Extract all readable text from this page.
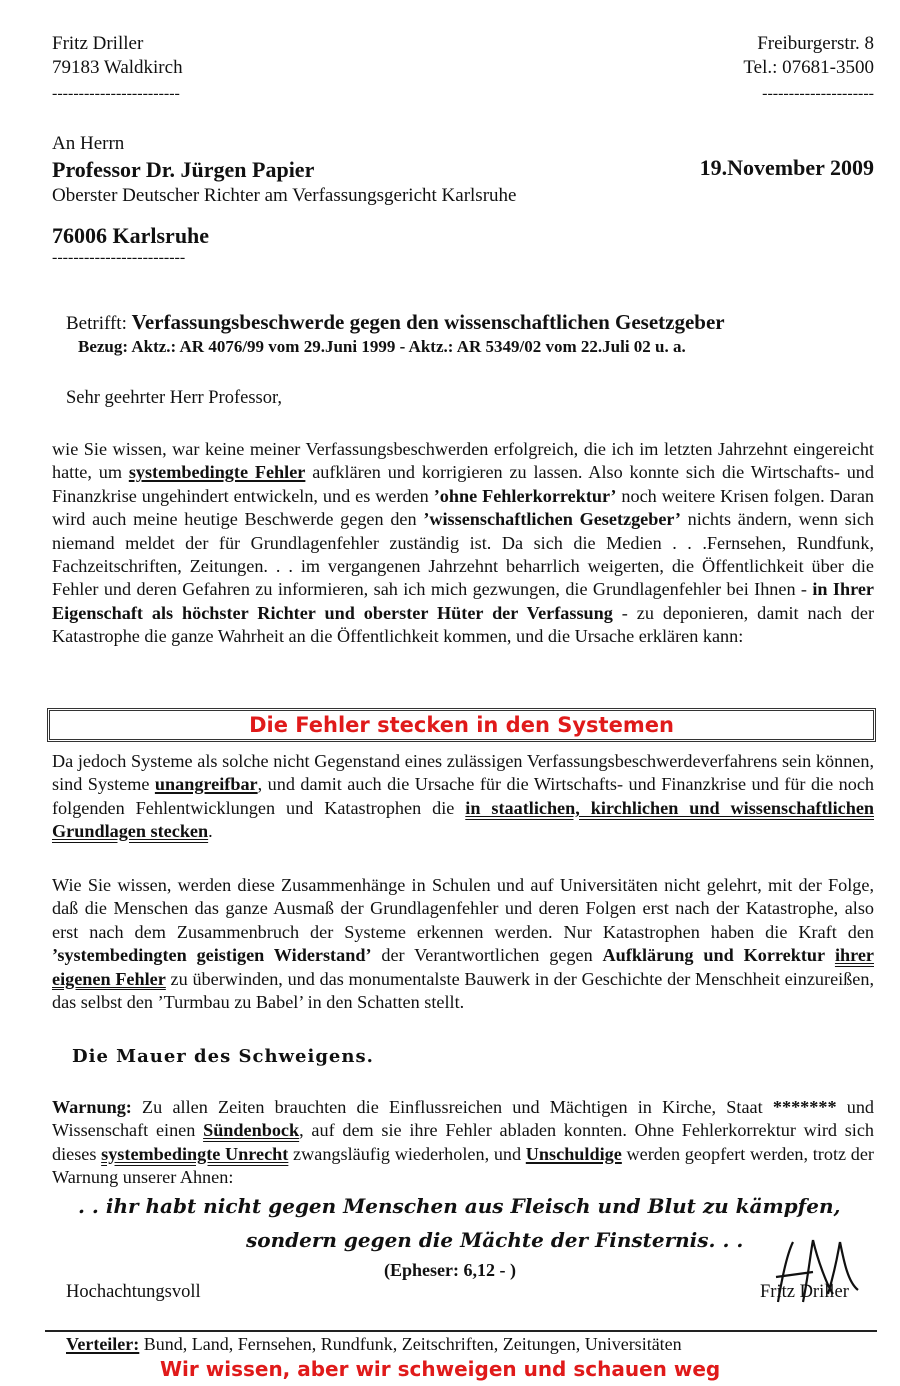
Fritz Driller
79183 Waldkirch
------------------------
Freiburgerstr. 8
Tel.: 07681-3500
---------------------
An Herrn
Professor Dr. Jürgen Papier
Oberster Deutscher Richter am Verfassungsgericht Karlsruhe
76006 Karlsruhe
-------------------------
19.November 2009
Betrifft: Verfassungsbeschwerde gegen den wissenschaftlichen Gesetzgeber
Bezug: Aktz.: AR 4076/99 vom 29.Juni 1999 - Aktz.: AR 5349/02 vom 22.Juli 02 u. a.
Sehr geehrter Herr Professor,

wie Sie wissen, war keine meiner Verfassungsbeschwerden erfolgreich, die ich im letzten Jahrzehnt eingereicht hatte, um systembedingte Fehler aufklären und korrigieren zu lassen. Also konnte sich die Wirtschafts- und Finanzkrise ungehindert entwickeln, und es werden ’ohne Fehlerkorrektur’ noch weitere Krisen folgen. Daran wird auch meine heutige Beschwerde gegen den ’wissenschaftlichen Gesetzgeber’ nichts ändern, wenn sich niemand meldet der für Grundlagenfehler zuständig ist. Da sich die Medien . . .Fernsehen, Rundfunk, Fachzeitschriften, Zeitungen. . . im vergangenen Jahrzehnt beharrlich weigerten, die Öffentlichkeit über die Fehler und deren Gefahren zu informieren, sah ich mich gezwungen, die Grundlagenfehler bei Ihnen - in Ihrer Eigenschaft als höchster Richter und oberster Hüter der Verfassung - zu deponieren, damit nach der Katastrophe die ganze Wahrheit an die Öffentlichkeit kommen, und die Ursache erklären kann:

Die Fehler stecken in den Systemen

Da jedoch Systeme als solche nicht Gegenstand eines zulässigen Verfassungsbeschwerdeverfahrens sein können, sind Systeme unangreifbar, und damit auch die Ursache für die Wirtschafts- und Finanzkrise und für die noch folgenden Fehlentwicklungen und Katastrophen die in staatlichen, kirchlichen und wissenschaftlichen Grundlagen stecken.

Wie Sie wissen, werden diese Zusammenhänge in Schulen und auf Universitäten nicht gelehrt, mit der Folge, daß die Menschen das ganze Ausmaß der Grundlagenfehler und deren Folgen erst nach der Katastrophe, also erst nach dem Zusammenbruch der Systeme erkennen werden. Nur Katastrophen haben die Kraft den ’systembedingten geistigen Widerstand’ der Verantwortlichen gegen Aufklärung und Korrektur ihrer eigenen Fehler zu überwinden, und das monumentalste Bauwerk in der Geschichte der Menschheit einzureißen, das selbst den ’Turmbau zu Babel’ in den Schatten stellt.

Die Mauer des Schweigens.

Warnung: Zu allen Zeiten brauchten die Einflussreichen und Mächtigen in Kirche, Staat ******* und Wissenschaft einen Sündenbock, auf dem sie ihre Fehler abladen konnten. Ohne Fehlerkorrektur wird sich dieses systembedingte Unrecht zwangsläufig wiederholen, und Unschuldige werden geopfert werden, trotz der Warnung unserer Ahnen:

. . ihr habt nicht gegen Menschen aus Fleisch und Blut zu kämpfen,
sondern gegen die Mächte der Finsternis. . .
(Epheser: 6,12 - )
Hochachtungsvoll	Fritz Driller
Verteiler: Bund, Land, Fernsehen, Rundfunk, Zeitschriften, Zeitungen, Universitäten
Wir wissen, aber wir schweigen und schauen weg
